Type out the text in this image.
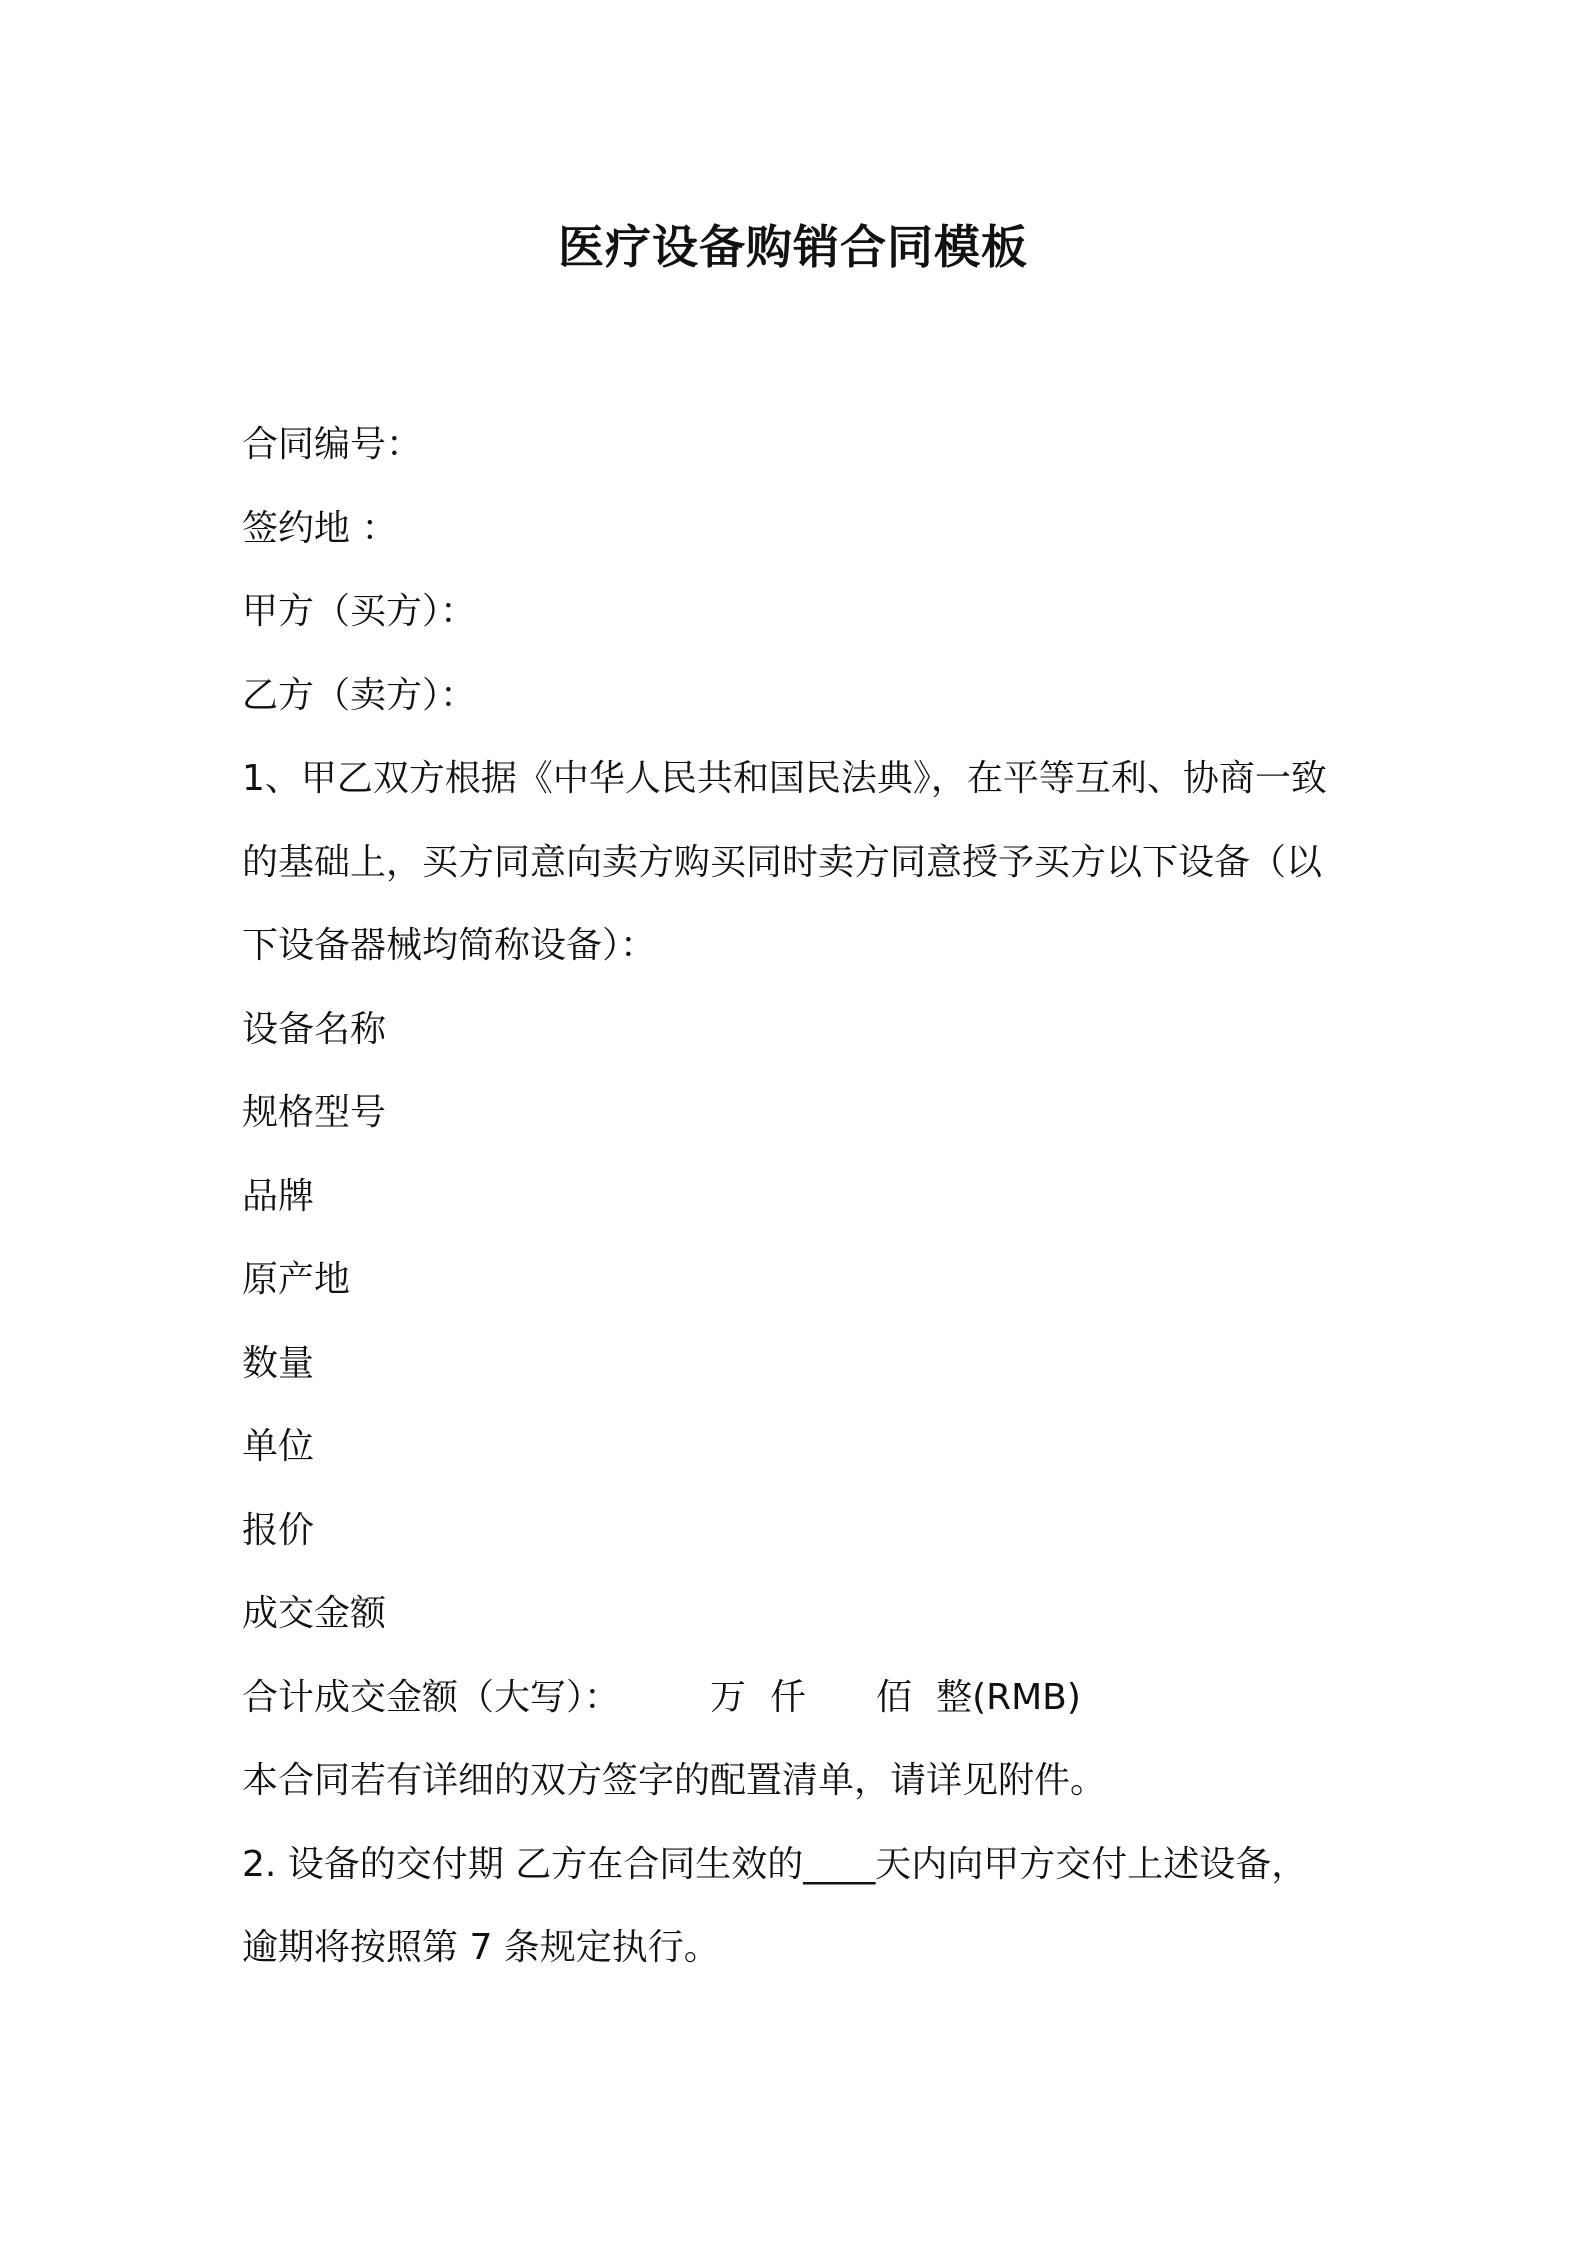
医疗设备购销合同模板

合同编号：

签约地 ：

甲方（买方）：

乙方（卖方）：

1、甲乙双方根据《中华人民共和国民法典》，在平等互利、协商一致

的基础上，买方同意向卖方购买同时卖方同意授予买方以下设备（以

下设备器械均简称设备）：

设备名称

规格型号

品牌

原产地

数量

单位

报价

成交金额

合计成交金额（大写）：	万 仟 佰 整(RMB)

本合同若有详细的双方签字的配置清单，请详见附件。

2. 设备的交付期 乙方在合同生效的____天内向甲方交付上述设备，

逾期将按照第 7 条规定执行。
